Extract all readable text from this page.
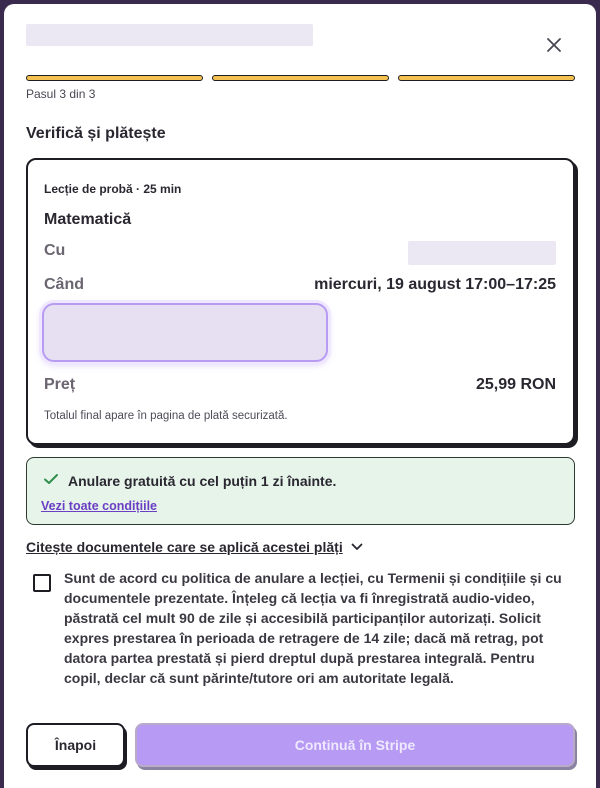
Pasul 3 din 3
Verifică și plătește
Lecție de probă · 25 min
Matematică
Cu
Când	miercuri, 19 august 17:00–17:25
Preț	25,99 RON
Totalul final apare în pagina de plată securizată.
Anulare gratuită cu cel puțin 1 zi înainte.
Vezi toate condițiile
Citește documentele care se aplică acestei plăți
Sunt de acord cu politica de anulare a lecției, cu Termenii și condițiile și cu documentele prezentate. Înțeleg că lecția va fi înregistrată audio-video, păstrată cel mult 90 de zile și accesibilă participanților autorizați. Solicit expres prestarea în perioada de retragere de 14 zile; dacă mă retrag, pot datora partea prestată și pierd dreptul după prestarea integrală. Pentru copil, declar că sunt părinte/tutore ori am autoritate legală.
Înapoi	Continuă în Stripe
